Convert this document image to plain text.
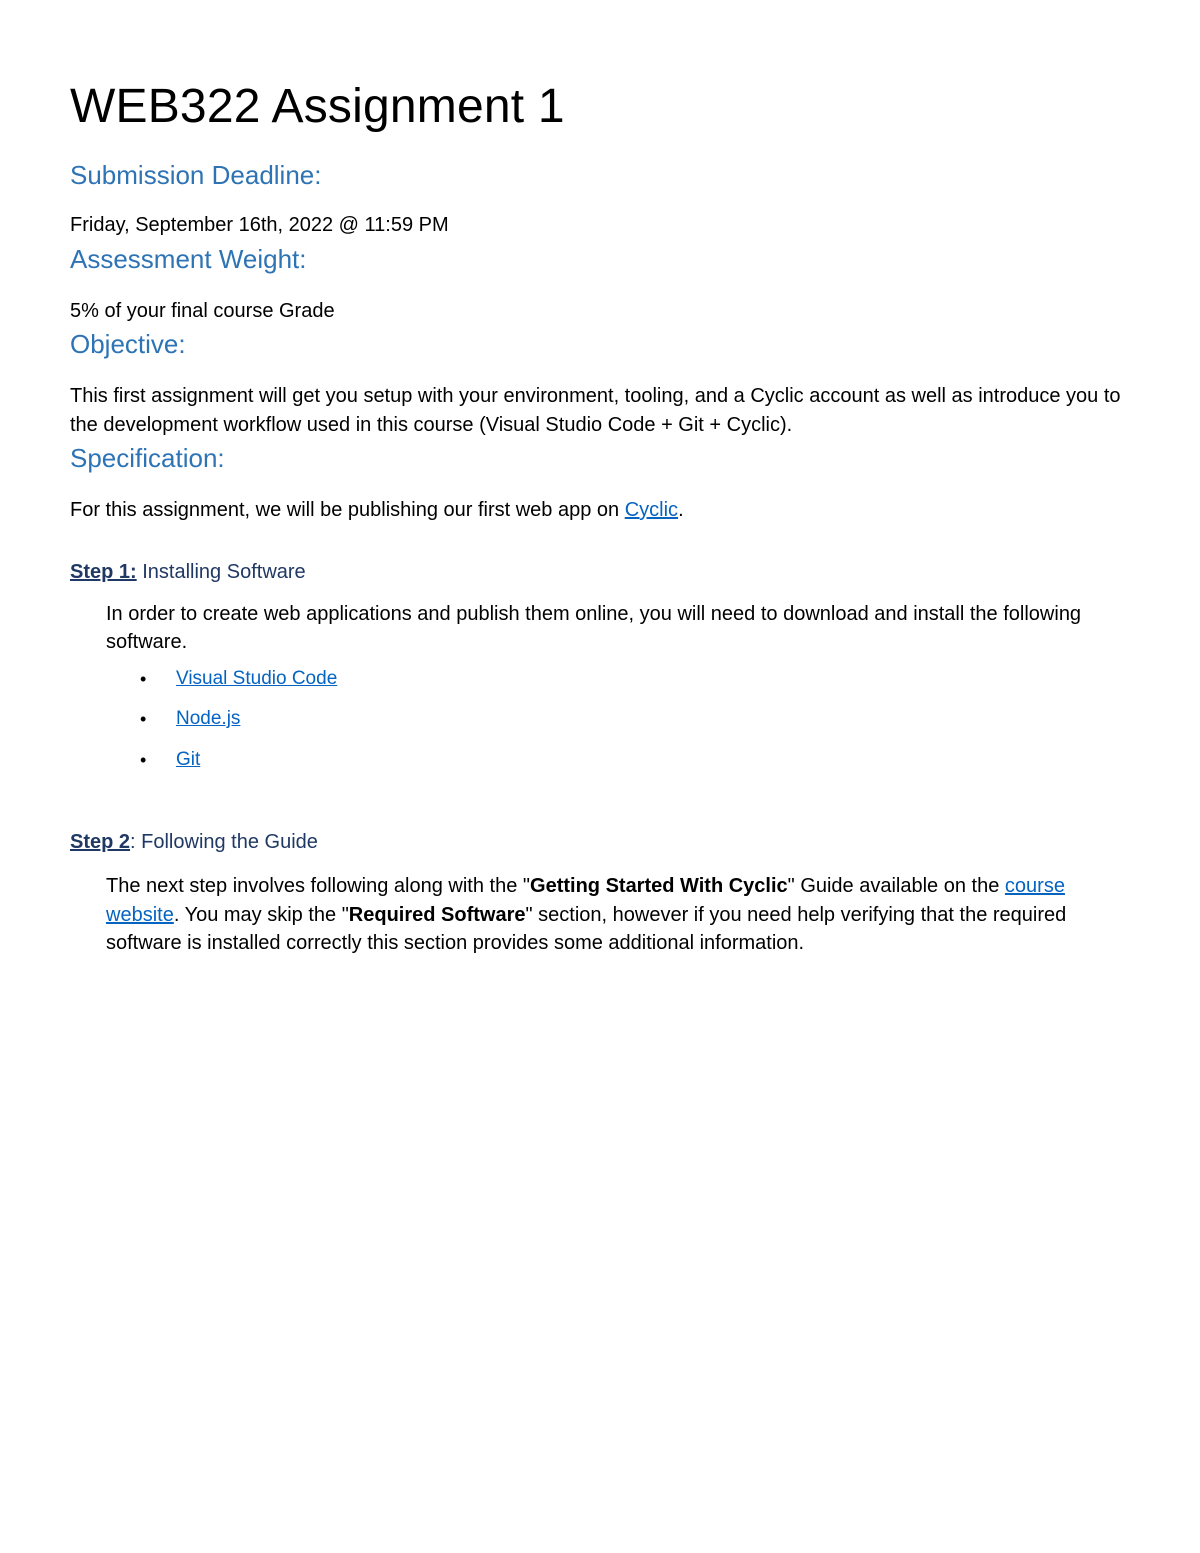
WEB322 Assignment 1
Submission Deadline:

Friday, September 16th, 2022 @ 11:59 PM

Assessment Weight:

5% of your final course Grade

Objective:

This first assignment will get you setup with your environment, tooling, and a Cyclic account as well as introduce you to the development workflow used in this course (Visual Studio Code + Git + Cyclic).

Specification:

For this assignment, we will be publishing our first web app on Cyclic.

Step 1: Installing Software

In order to create web applications and publish them online, you will need to download and install the following software.

• Visual Studio Code
• Node.js
• Git

Step 2: Following the Guide

The next step involves following along with the "Getting Started With Cyclic" Guide available on the course website. You may skip the "Required Software" section, however if you need help verifying that the required software is installed correctly this section provides some additional information.
